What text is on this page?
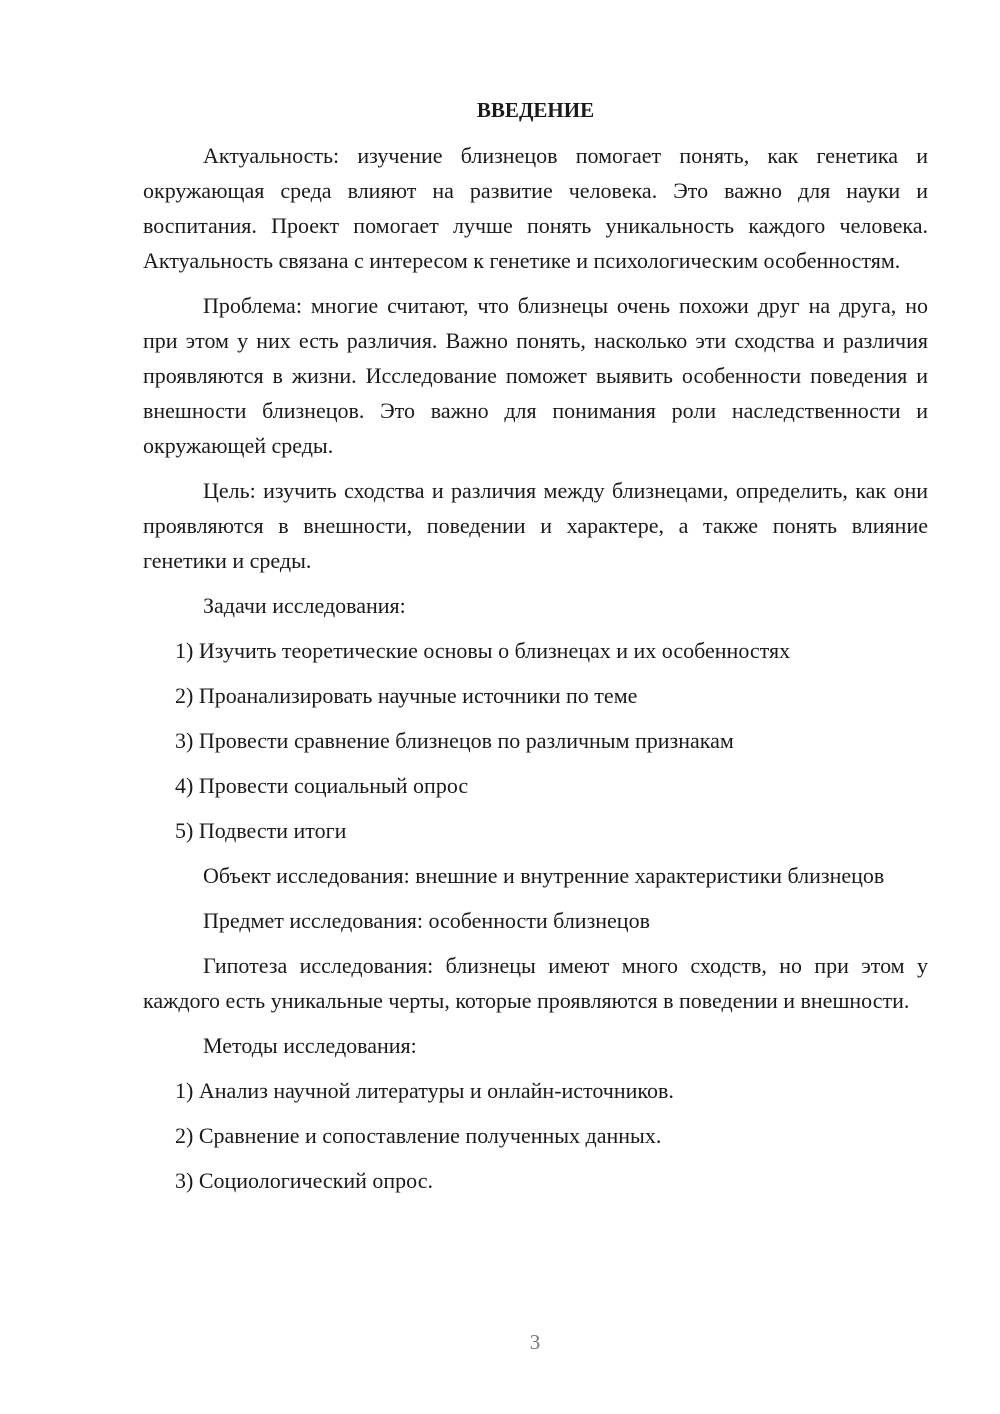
ВВЕДЕНИЕ

Актуальность: изучение близнецов помогает понять, как генетика и окружающая среда влияют на развитие человека. Это важно для науки и воспитания. Проект помогает лучше понять уникальность каждого человека. Актуальность связана с интересом к генетике и психологическим особенностям.

Проблема: многие считают, что близнецы очень похожи друг на друга, но при этом у них есть различия. Важно понять, насколько эти сходства и различия проявляются в жизни. Исследование поможет выявить особенности поведения и внешности близнецов. Это важно для понимания роли наследственности и окружающей среды.

Цель: изучить сходства и различия между близнецами, определить, как они проявляются в внешности, поведении и характере, а также понять влияние генетики и среды.

Задачи исследования:

1) Изучить теоретические основы о близнецах и их особенностях
2) Проанализировать научные источники по теме
3) Провести сравнение близнецов по различным признакам
4) Провести социальный опрос
5) Подвести итоги

Объект исследования: внешние и внутренние характеристики близнецов

Предмет исследования: особенности близнецов

Гипотеза исследования: близнецы имеют много сходств, но при этом у каждого есть уникальные черты, которые проявляются в поведении и внешности.

Методы исследования:

1) Анализ научной литературы и онлайн-источников.
2) Сравнение и сопоставление полученных данных.
3) Социологический опрос.
3
